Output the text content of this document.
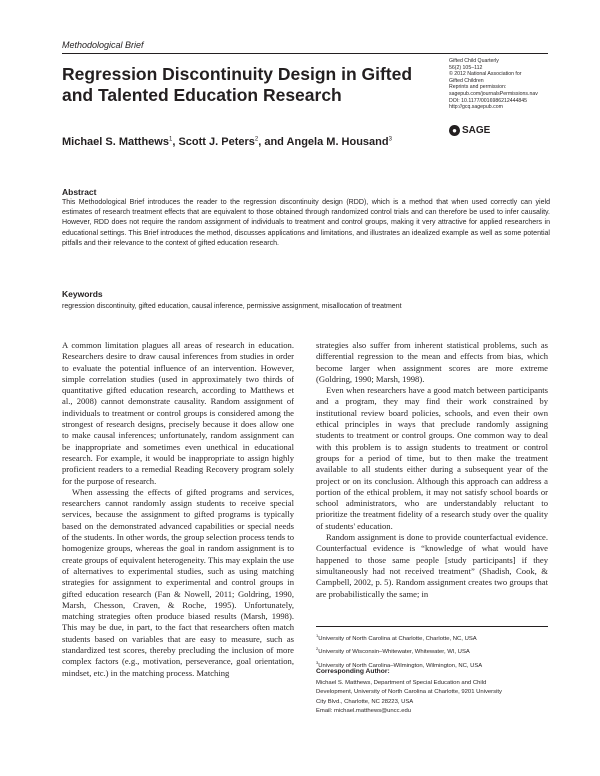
Methodological Brief
Regression Discontinuity Design in Gifted and Talented Education Research
Gifted Child Quarterly
56(2) 105–112
© 2012 National Association for
Gifted Children
Reprints and permission:
sagepub.com/journalsPermissions.nav
DOI: 10.1177/0016986212444845
http://gcq.sagepub.com
● SAGE
Michael S. Matthews$^1$, Scott J. Peters$^2$, and Angela M. Housand$^3$
Abstract
This Methodological Brief introduces the reader to the regression discontinuity design (RDD), which is a method that when used correctly can yield estimates of research treatment effects that are equivalent to those obtained through randomized control trials and can therefore be used to infer causality. However, RDD does not require the random assignment of individuals to treatment and control groups, making it very attractive for applied researchers in educational settings. This Brief introduces the method, discusses applications and limitations, and illustrates an idealized example as well as some potential pitfalls and their relevance to the context of gifted education research.
Keywords
regression discontinuity, gifted education, causal inference, permissive assignment, misallocation of treatment

A common limitation plagues all areas of research in education. Researchers desire to draw causal inferences from studies in order to evaluate the potential influence of an intervention. However, simple correlation studies (used in approximately two thirds of quantitative gifted education research, according to Matthews et al., 2008) cannot demonstrate causality. Random assignment of individuals to treatment or control groups is considered among the strongest of research designs, precisely because it does allow one to make causal inferences; unfortunately, random assignment can be inappropriate and sometimes even unethical in educational research. For example, it would be inappropriate to assign highly proficient readers to a remedial Reading Recovery program solely for the purpose of research.

When assessing the effects of gifted programs and services, researchers cannot randomly assign students to receive special services, because the assignment to gifted programs is typically based on the demonstrated advanced capabilities or special needs of the students. In other words, the group selection process tends to homogenize groups, whereas the goal in random assignment is to create groups of equivalent heterogeneity. This may explain the use of alternatives to experimental studies, such as using matching strategies for assignment to experimental and control groups in gifted education research (Fan & Nowell, 2011; Goldring, 1990, Marsh, Chesson, Craven, & Roche, 1995). Unfortunately, matching strategies often produce biased results (Marsh, 1998). This may be due, in part, to the fact that researchers often match students based on variables that are easy to measure, such as standardized test scores, thereby precluding the inclusion of more complex factors (e.g., motivation, perseverance, goal orientation, mindset, etc.) in the matching process. Matching

strategies also suffer from inherent statistical problems, such as differential regression to the mean and effects from bias, which become larger when assignment scores are more extreme (Goldring, 1990; Marsh, 1998).

Even when researchers have a good match between participants and a program, they may find their work constrained by institutional review board policies, schools, and even their own ethical principles in ways that preclude randomly assigning students to treatment or control groups. One common way to deal with this problem is to assign students to treatment or control groups for a period of time, but to then make the treatment available to all students either during a subsequent year of the project or on its conclusion. Although this approach can address a portion of the ethical problem, it may not satisfy school boards or school administrators, who are understandably reluctant to prioritize the treatment fidelity of a research study over the quality of students' education.

Random assignment is done to provide counterfactual evidence. Counterfactual evidence is “knowledge of what would have happened to those same people [study participants] if they simultaneously had not received treatment” (Shadish, Cook, & Campbell, 2002, p. 5). Random assignment creates two groups that are probabilistically the same; in

$^1$University of North Carolina at Charlotte, Charlotte, NC, USA
$^2$University of Wisconsin–Whitewater, Whitewater, WI, USA
$^3$University of North Carolina–Wilmington, Wilmington, NC, USA
Corresponding Author:
Michael S. Matthews, Department of Special Education and Child
Development, University of North Carolina at Charlotte, 9201 University
City Blvd., Charlotte, NC 28223, USA
Email: michael.matthews@uncc.edu
